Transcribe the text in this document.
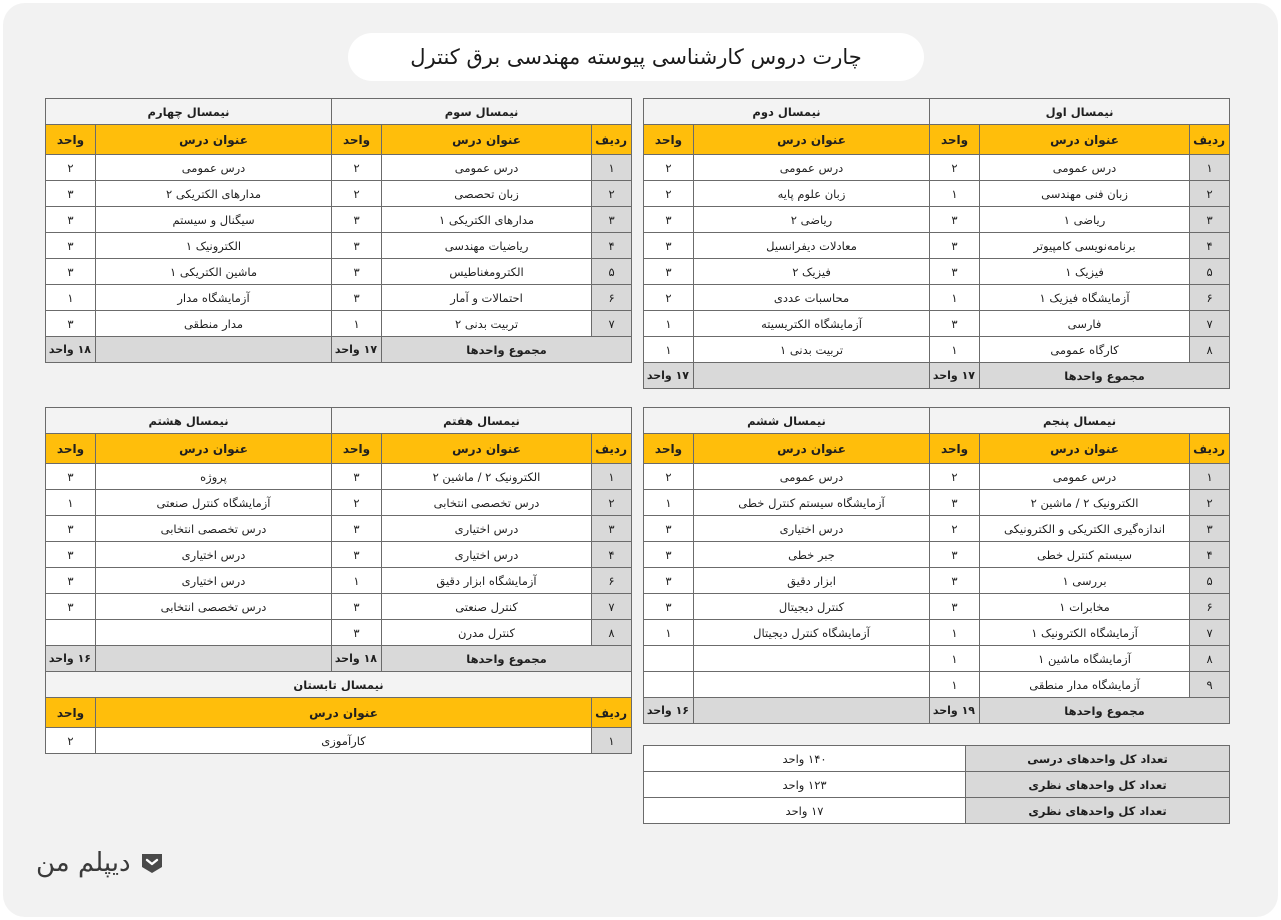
چارت دروس کارشناسی پیوسته مهندسی برق کنترل
نیمسال اول			نیمسال دوم	
ردیف	عنوان درس	واحد	عنوان درس	واحد
۱	درس عمومی	۲	درس عمومی	۲
۲	زبان فنی مهندسی	۱	زبان علوم پایه	۲
۳	ریاضی ۱	۳	ریاضی ۲	۳
۴	برنامه‌نویسی کامپیوتر	۳	معادلات دیفرانسیل	۳
۵	فیزیک ۱	۳	فیزیک ۲	۳
۶	آزمایشگاه فیزیک ۱	۱	محاسبات عددی	۲
۷	فارسی	۳	آزمایشگاه الکتریسیته	۱
۸	کارگاه عمومی	۱	تربیت بدنی ۱	۱
مجموع واحدها		۱۷ واحد		۱۷ واحد
نیمسال سوم			نیمسال چهارم	
ردیف	عنوان درس	واحد	عنوان درس	واحد
۱	درس عمومی	۲	درس عمومی	۲
۲	زبان تحصصی	۲	مدارهای الکتریکی ۲	۳
۳	مدارهای الکتریکی ۱	۳	سیگنال و سیستم	۳
۴	ریاضیات مهندسی	۳	الکترونیک ۱	۳
۵	الکترومغناطیس	۳	ماشین الکتریکی ۱	۳
۶	احتمالات و آمار	۳	آزمایشگاه مدار	۱
۷	تربیت بدنی ۲	۱	مدار منطقی	۳
مجموع واحدها		۱۷ واحد		۱۸ واحد
نیمسال پنجم			نیمسال ششم	
ردیف	عنوان درس	واحد	عنوان درس	واحد
۱	درس عمومی	۲	درس عمومی	۲
۲	الکترونیک ۲ / ماشین ۲	۳	آزمایشگاه سیستم کنترل خطی	۱
۳	اندازه‌گیری الکتریکی و الکترونیکی	۲	درس اختیاری	۳
۴	سیستم کنترل خطی	۳	جبر خطی	۳
۵	بررسی ۱	۳	ابزار دقیق	۳
۶	مخابرات ۱	۳	کنترل دیجیتال	۳
۷	آزمایشگاه الکترونیک ۱	۱	آزمایشگاه کنترل دیجیتال	۱
۸	آزمایشگاه ماشین ۱	۱		
۹	آزمایشگاه مدار منطقی	۱		
مجموع واحدها		۱۹ واحد		۱۶ واحد
نیمسال هفتم			نیمسال هشتم	
ردیف	عنوان درس	واحد	عنوان درس	واحد
۱	الکترونیک ۲ / ماشین ۲	۳	پروژه	۳
۲	درس تخصصی انتخابی	۲	آزمایشگاه کنترل صنعتی	۱
۳	درس اختیاری	۳	درس تخصصی انتخابی	۳
۴	درس اختیاری	۳	درس اختیاری	۳
۶	آزمایشگاه ابزار دقیق	۱	درس اختیاری	۳
۷	کنترل صنعتی	۳	درس تخصصی انتخابی	۳
۸	کنترل مدرن	۳		
مجموع واحدها		۱۸ واحد		۱۶ واحد
نیمسال تابستان				
ردیف	عنوان درس			واحد
۱	کارآموزی			۲
تعداد کل واحدهای درسی	۱۴۰ واحد
تعداد کل واحدهای نظری	۱۲۳ واحد
تعداد کل واحدهای نظری	۱۷ واحد
دیپلم من
